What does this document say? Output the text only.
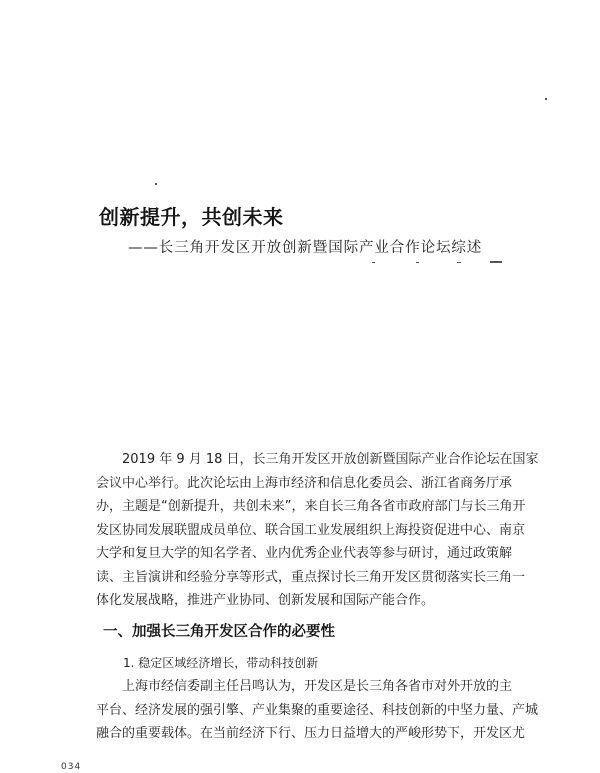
创新提升，共创未来
——长三角开发区开放创新暨国际产业合作论坛综述
2019 年 9 月 18 日，长三角开发区开放创新暨国际产业合作论坛在国家
会议中心举行。此次论坛由上海市经济和信息化委员会、浙江省商务厅承
办，主题是“创新提升，共创未来”，来自长三角各省市政府部门与长三角开
发区协同发展联盟成员单位、联合国工业发展组织上海投资促进中心、南京
大学和复旦大学的知名学者、业内优秀企业代表等参与研讨，通过政策解
读、主旨演讲和经验分享等形式，重点探讨长三角开发区贯彻落实长三角一
体化发展战略，推进产业协同、创新发展和国际产能合作。
一、加强长三角开发区合作的必要性
1. 稳定区域经济增长，带动科技创新
上海市经信委副主任吕鸣认为，开发区是长三角各省市对外开放的主
平台、经济发展的强引擎、产业集聚的重要途径、科技创新的中坚力量、产城
融合的重要载体。在当前经济下行、压力日益增大的严峻形势下，开发区尤
034
